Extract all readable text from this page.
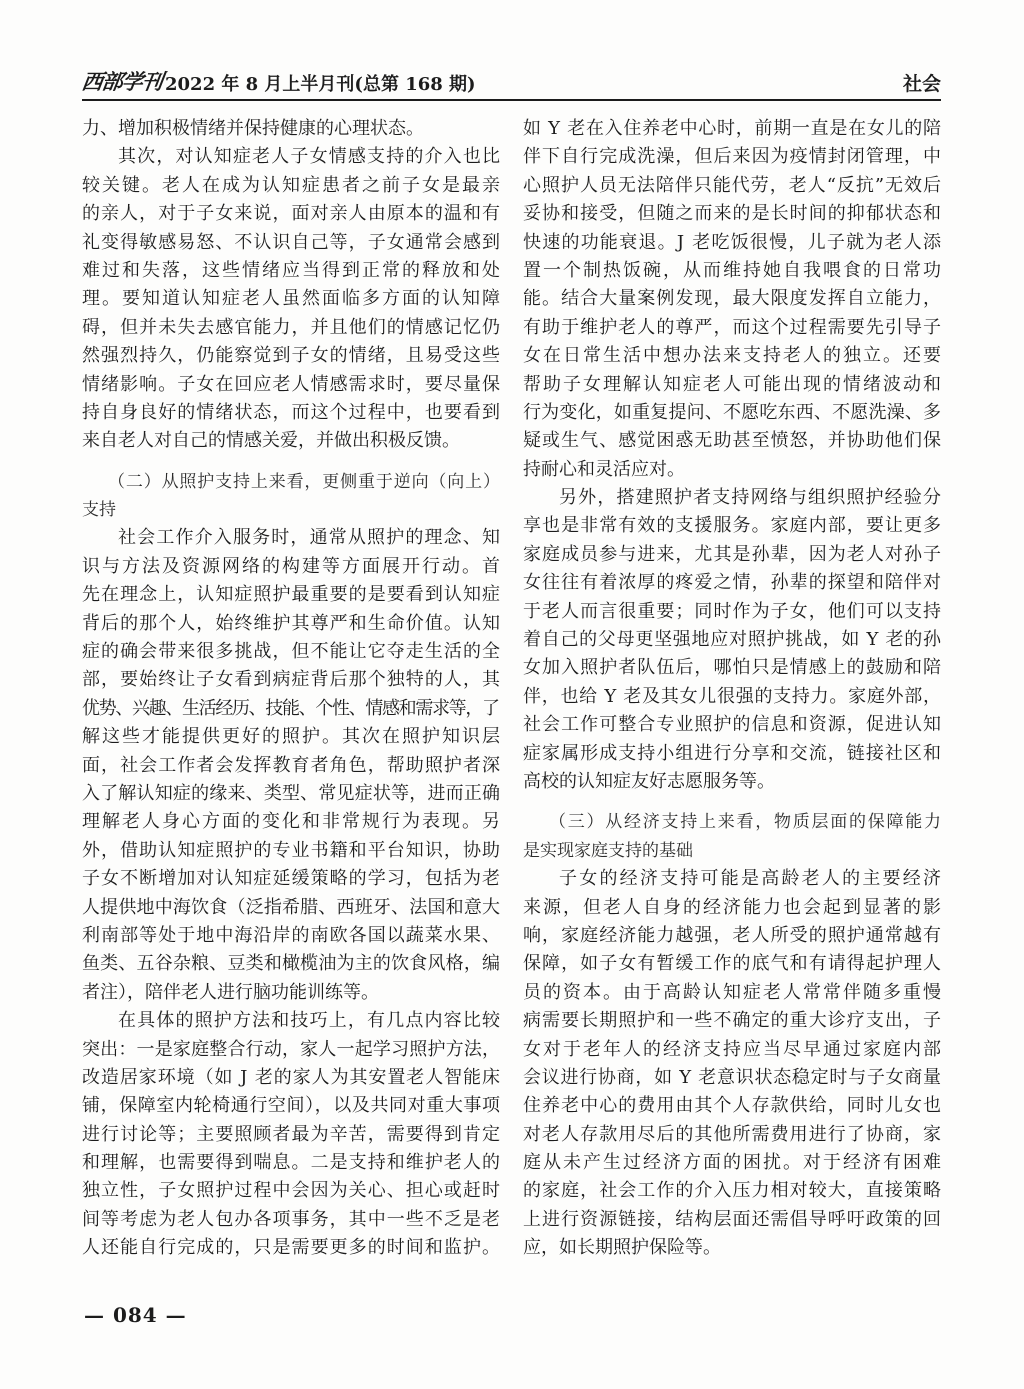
西部学刊 2022 年 8 月上半月刊(总第 168 期)	社会
力、增加积极情绪并保持健康的心理状态。
其次，对认知症老人子女情感支持的介入也比
较关键。老人在成为认知症患者之前子女是最亲
的亲人，对于子女来说，面对亲人由原本的温和有
礼变得敏感易怒、不认识自己等，子女通常会感到
难过和失落，这些情绪应当得到正常的释放和处
理。要知道认知症老人虽然面临多方面的认知障
碍，但并未失去感官能力，并且他们的情感记忆仍
然强烈持久，仍能察觉到子女的情绪，且易受这些
情绪影响。子女在回应老人情感需求时，要尽量保
持自身良好的情绪状态，而这个过程中，也要看到
来自老人对自己的情感关爱，并做出积极反馈。
（二）从照护支持上来看，更侧重于逆向（向上）
支持
社会工作介入服务时，通常从照护的理念、知
识与方法及资源网络的构建等方面展开行动。首
先在理念上，认知症照护最重要的是要看到认知症
背后的那个人，始终维护其尊严和生命价值。认知
症的确会带来很多挑战，但不能让它夺走生活的全
部，要始终让子女看到病症背后那个独特的人，其
优势、兴趣、生活经历、技能、个性、情感和需求等，了
解这些才能提供更好的照护。其次在照护知识层
面，社会工作者会发挥教育者角色，帮助照护者深
入了解认知症的缘来、类型、常见症状等，进而正确
理解老人身心方面的变化和非常规行为表现。另
外，借助认知症照护的专业书籍和平台知识，协助
子女不断增加对认知症延缓策略的学习，包括为老
人提供地中海饮食（泛指希腊、西班牙、法国和意大
利南部等处于地中海沿岸的南欧各国以蔬菜水果、
鱼类、五谷杂粮、豆类和橄榄油为主的饮食风格，编
者注），陪伴老人进行脑功能训练等。
在具体的照护方法和技巧上，有几点内容比较
突出：一是家庭整合行动，家人一起学习照护方法，
改造居家环境（如 J 老的家人为其安置老人智能床
铺，保障室内轮椅通行空间），以及共同对重大事项
进行讨论等；主要照顾者最为辛苦，需要得到肯定
和理解，也需要得到喘息。二是支持和维护老人的
独立性，子女照护过程中会因为关心、担心或赶时
间等考虑为老人包办各项事务，其中一些不乏是老
人还能自行完成的，只是需要更多的时间和监护。
如 Y 老在入住养老中心时，前期一直是在女儿的陪
伴下自行完成洗澡，但后来因为疫情封闭管理，中
心照护人员无法陪伴只能代劳，老人“反抗”无效后
妥协和接受，但随之而来的是长时间的抑郁状态和
快速的功能衰退。J 老吃饭很慢，儿子就为老人添
置一个制热饭碗，从而维持她自我喂食的日常功
能。结合大量案例发现，最大限度发挥自立能力，
有助于维护老人的尊严，而这个过程需要先引导子
女在日常生活中想办法来支持老人的独立。还要
帮助子女理解认知症老人可能出现的情绪波动和
行为变化，如重复提问、不愿吃东西、不愿洗澡、多
疑或生气、感觉困惑无助甚至愤怒，并协助他们保
持耐心和灵活应对。
另外，搭建照护者支持网络与组织照护经验分
享也是非常有效的支援服务。家庭内部，要让更多
家庭成员参与进来，尤其是孙辈，因为老人对孙子
女往往有着浓厚的疼爱之情，孙辈的探望和陪伴对
于老人而言很重要；同时作为子女，他们可以支持
着自己的父母更坚强地应对照护挑战，如 Y 老的孙
女加入照护者队伍后，哪怕只是情感上的鼓励和陪
伴，也给 Y 老及其女儿很强的支持力。家庭外部，
社会工作可整合专业照护的信息和资源，促进认知
症家属形成支持小组进行分享和交流，链接社区和
高校的认知症友好志愿服务等。
（三）从经济支持上来看，物质层面的保障能力
是实现家庭支持的基础
子女的经济支持可能是高龄老人的主要经济
来源，但老人自身的经济能力也会起到显著的影
响，家庭经济能力越强，老人所受的照护通常越有
保障，如子女有暂缓工作的底气和有请得起护理人
员的资本。由于高龄认知症老人常常伴随多重慢
病需要长期照护和一些不确定的重大诊疗支出，子
女对于老年人的经济支持应当尽早通过家庭内部
会议进行协商，如 Y 老意识状态稳定时与子女商量
住养老中心的费用由其个人存款供给，同时儿女也
对老人存款用尽后的其他所需费用进行了协商，家
庭从未产生过经济方面的困扰。对于经济有困难
的家庭，社会工作的介入压力相对较大，直接策略
上进行资源链接，结构层面还需倡导呼吁政策的回
应，如长期照护保险等。
— 084 —
